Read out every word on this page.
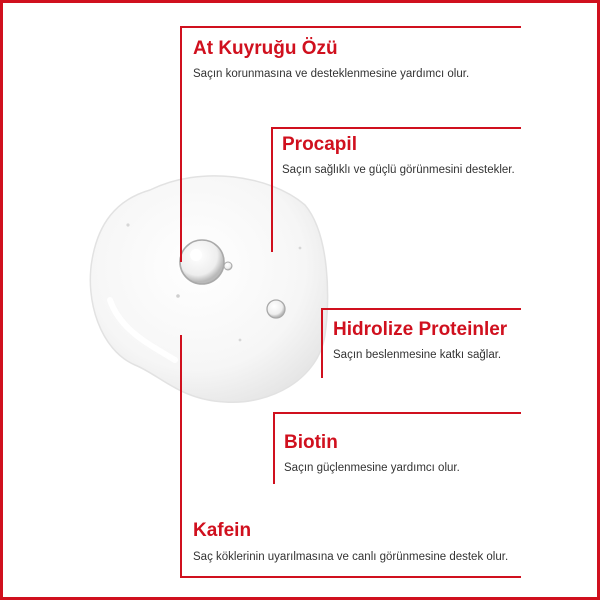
At Kuyruğu Özü

Saçın korunmasına ve desteklenmesine yardımcı olur.

Procapil

Saçın sağlıklı ve güçlü görünmesini destekler.

Hidrolize Proteinler

Saçın beslenmesine katkı sağlar.

Biotin

Saçın güçlenmesine yardımcı olur.

Kafein

Saç köklerinin uyarılmasına ve canlı görünmesine destek olur.
